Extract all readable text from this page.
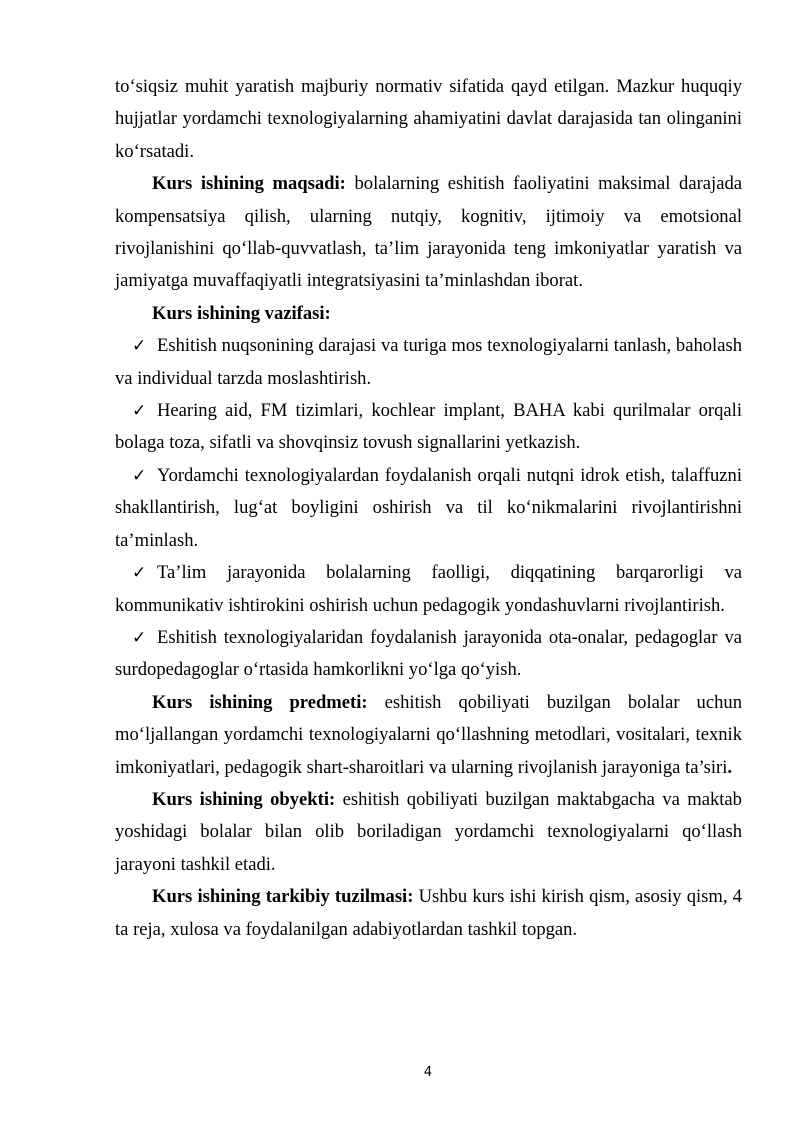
to‘siqsiz muhit yaratish majburiy normativ sifatida qayd etilgan. Mazkur huquqiy hujjatlar yordamchi texnologiyalarning ahamiyatini davlat darajasida tan olinganini ko‘rsatadi.

Kurs ishining maqsadi: bolalarning eshitish faoliyatini maksimal darajada kompensatsiya qilish, ularning nutqiy, kognitiv, ijtimoiy va emotsional rivojlanishini qo‘llab-quvvatlash, ta’lim jarayonida teng imkoniyatlar yaratish va jamiyatga muvaffaqiyatli integratsiyasini ta’minlashdan iborat.

Kurs ishining vazifasi:

✓ Eshitish nuqsonining darajasi va turiga mos texnologiyalarni tanlash, baholash va individual tarzda moslashtirish.

✓ Hearing aid, FM tizimlari, kochlear implant, BAHA kabi qurilmalar orqali bolaga toza, sifatli va shovqinsiz tovush signallarini yetkazish.

✓ Yordamchi texnologiyalardan foydalanish orqali nutqni idrok etish, talaffuzni shakllantirish, lug‘at boyligini oshirish va til ko‘nikmalarini rivojlantirishni ta’minlash.

✓ Ta’lim jarayonida bolalarning faolligi, diqqatining barqarorligi va kommunikativ ishtirokini oshirish uchun pedagogik yondashuvlarni rivojlantirish.

✓ Eshitish texnologiyalaridan foydalanish jarayonida ota-onalar, pedagoglar va surdopedagoglar o‘rtasida hamkorlikni yo‘lga qo‘yish.

Kurs ishining predmeti: eshitish qobiliyati buzilgan bolalar uchun mo‘ljallangan yordamchi texnologiyalarni qo‘llashning metodlari, vositalari, texnik imkoniyatlari, pedagogik shart-sharoitlari va ularning rivojlanish jarayoniga ta’siri.

Kurs ishining obyekti: eshitish qobiliyati buzilgan maktabgacha va maktab yoshidagi bolalar bilan olib boriladigan yordamchi texnologiyalarni qo‘llash jarayoni tashkil etadi.

Kurs ishining tarkibiy tuzilmasi: Ushbu kurs ishi kirish qism, asosiy qism, 4 ta reja, xulosa va foydalanilgan adabiyotlardan tashkil topgan.

4
